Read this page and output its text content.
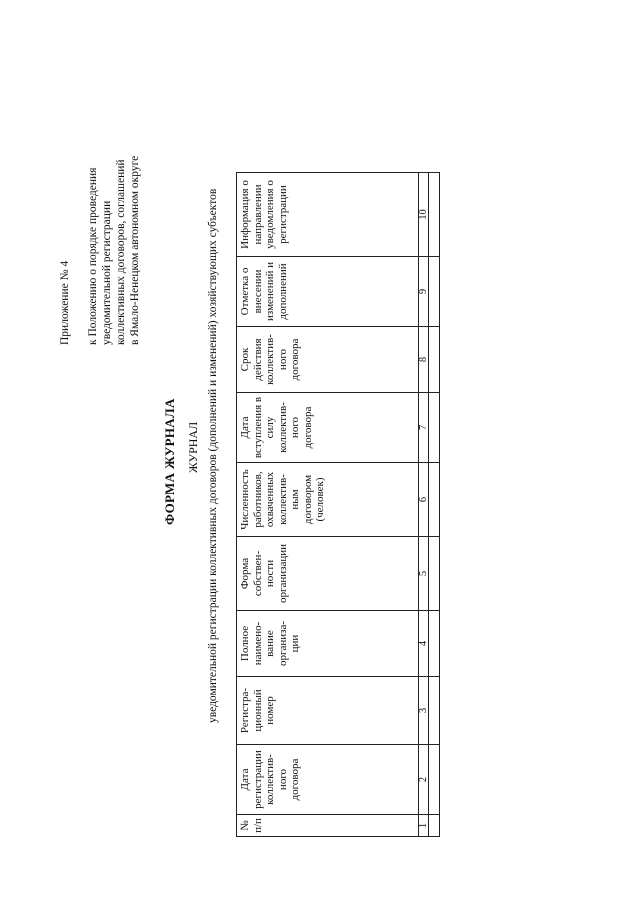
Приложение № 4 к Положению о порядке проведения уведомительной регистрации коллективных договоров, соглашений в Ямало-Ненецком автономном округе
ФОРМА ЖУРНАЛА ЖУРНАЛ уведомительной регистрации коллективных договоров (дополнений и изменений) хозяйствующих субъектов
№ п/п	Дата регистрации коллектив-ного договора	Регистра-ционный номер	Полное наимено-вание организа-ции	Форма собствен-ности организации	Численность работников, охваченных коллектив-ным договором (человек)	Дата вступления в силу коллектив-ного договора	Срок действия коллектив-ного договора	Отметка о внесении изменений и дополнений	Информация о направлении уведомления о регистрации

1	2	3	4	5	6	7	8	9	10
